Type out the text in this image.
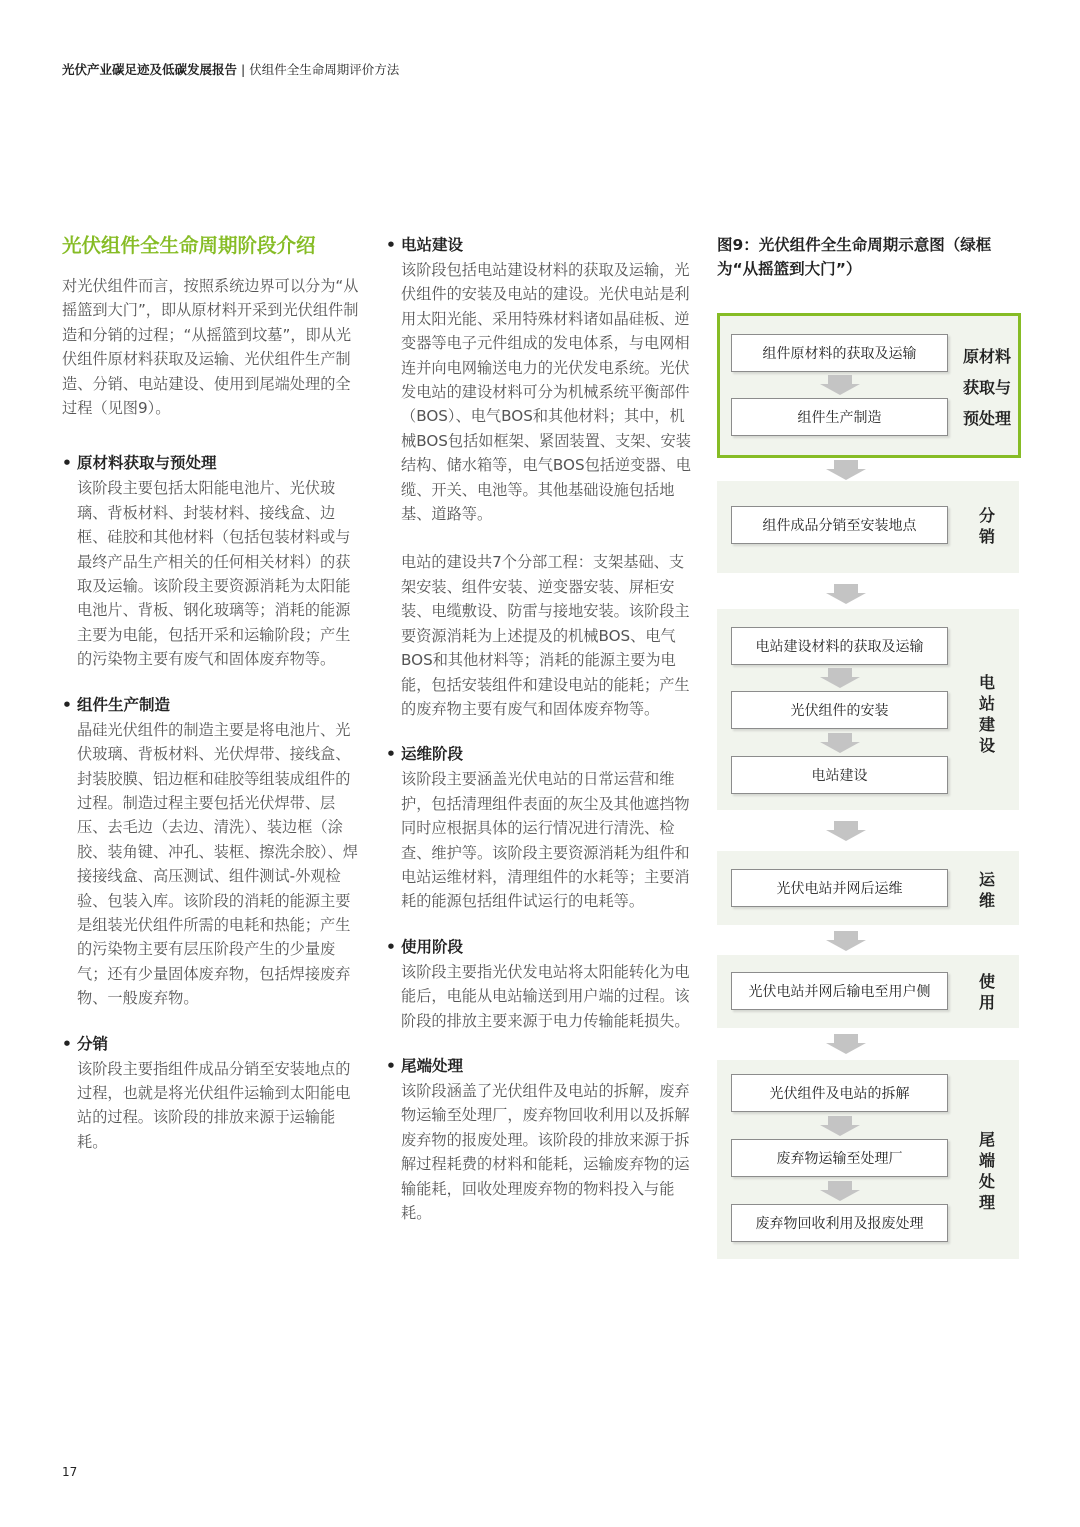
光伏产业碳足迹及低碳发展报告 | 伏组件全生命周期评价方法
光伏组件全生命周期阶段介绍

对光伏组件而言，按照系统边界可以分为“从摇篮到大门”，即从原材料开采到光伏组件制造和分销的过程；“从摇篮到坟墓”，即从光伏组件原材料获取及运输、光伏组件生产制造、分销、电站建设、使用到尾端处理的全过程（见图9）。

• 原材料获取与预处理

该阶段主要包括太阳能电池片、光伏玻璃、背板材料、封装材料、接线盒、边框、硅胶和其他材料（包括包装材料或与最终产品生产相关的任何相关材料）的获取及运输。该阶段主要资源消耗为太阳能电池片、背板、钢化玻璃等；消耗的能源主要为电能，包括开采和运输阶段；产生的污染物主要有废气和固体废弃物等。

• 组件生产制造

晶硅光伏组件的制造主要是将电池片、光伏玻璃、背板材料、光伏焊带、接线盒、封装胶膜、铝边框和硅胶等组装成组件的过程。制造过程主要包括光伏焊带、层压、去毛边（去边、清洗）、装边框（涂胶、装角键、冲孔、装框、擦洗余胶）、焊接接线盒、高压测试、组件测试-外观检验、包装入库。该阶段的消耗的能源主要是组装光伏组件所需的电耗和热能；产生的污染物主要有层压阶段产生的少量废气；还有少量固体废弃物，包括焊接废弃物、一般废弃物。

• 分销

该阶段主要指组件成品分销至安装地点的过程，也就是将光伏组件运输到太阳能电站的过程。该阶段的排放来源于运输能耗。

• 电站建设

该阶段包括电站建设材料的获取及运输，光伏组件的安装及电站的建设。光伏电站是利用太阳光能、采用特殊材料诸如晶硅板、逆变器等电子元件组成的发电体系，与电网相连并向电网输送电力的光伏发电系统。光伏发电站的建设材料可分为机械系统平衡部件（BOS）、电气BOS和其他材料；其中，机械BOS包括如框架、紧固装置、支架、安装结构、储水箱等，电气BOS包括逆变器、电缆、开关、电池等。其他基础设施包括地基、道路等。

电站的建设共7个分部工程：支架基础、支架安装、组件安装、逆变器安装、屏柜安装、电缆敷设、防雷与接地安装。该阶段主要资源消耗为上述提及的机械BOS、电气BOS和其他材料等；消耗的能源主要为电能，包括安装组件和建设电站的能耗；产生的废弃物主要有废气和固体废弃物等。

• 运维阶段

该阶段主要涵盖光伏电站的日常运营和维护，包括清理组件表面的灰尘及其他遮挡物同时应根据具体的运行情况进行清洗、检查、维护等。该阶段主要资源消耗为组件和电站运维材料，清理组件的水耗等；主要消耗的能源包括组件试运行的电耗等。

• 使用阶段

该阶段主要指光伏发电站将太阳能转化为电能后，电能从电站输送到用户端的过程。该阶段的排放主要来源于电力传输能耗损失。

• 尾端处理

该阶段涵盖了光伏组件及电站的拆解，废弃物运输至处理厂，废弃物回收利用以及拆解废弃物的报废处理。该阶段的排放来源于拆解过程耗费的材料和能耗，运输废弃物的运输能耗，回收处理废弃物的物料投入与能耗。

图9：光伏组件全生命周期示意图（绿框为“从摇篮到大门”）
组件原材料的获取及运输
组件生产制造
原材料
获取与
预处理
组件成品分销至安装地点
分
销
电站建设材料的获取及运输
光伏组件的安装
电站建设
电
站
建
设
光伏电站并网后运维	运
维
光伏电站并网后输电至用户侧
使
用
光伏组件及电站的拆解
废弃物运输至处理厂
废弃物回收利用及报废处理
尾
端
处
理
17
